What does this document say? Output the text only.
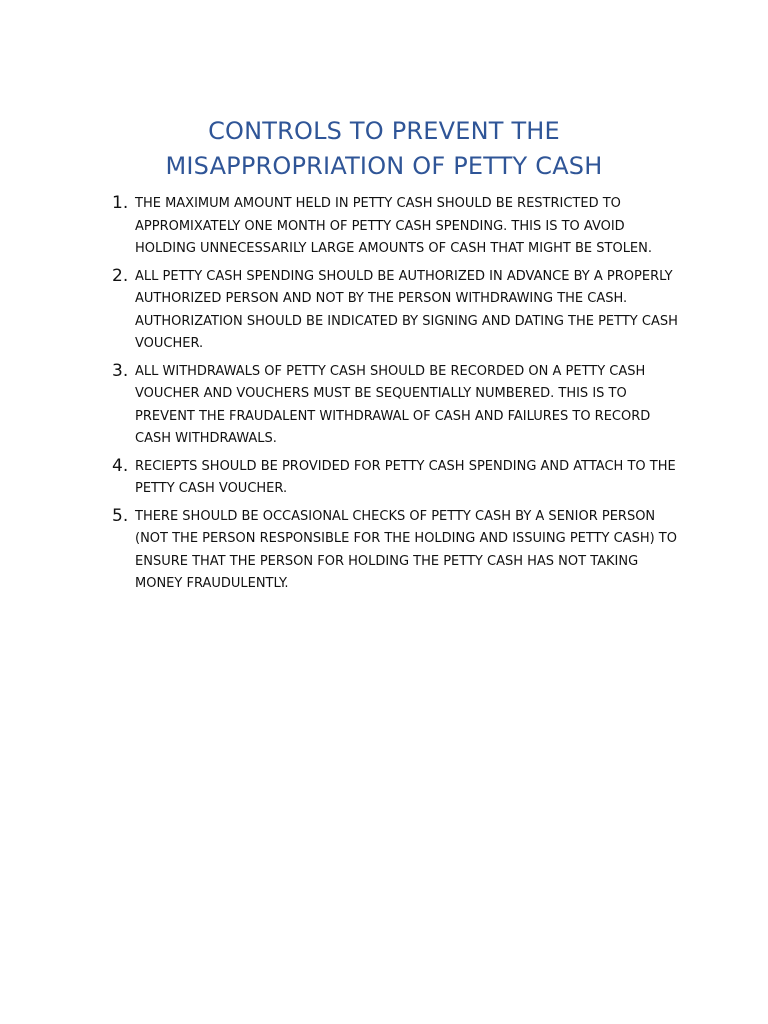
CONTROLS TO PREVENT THE
MISAPPROPRIATION OF PETTY CASH
1. THE MAXIMUM AMOUNT HELD IN PETTY CASH SHOULD BE RESTRICTED TO APPROMIXATELY ONE MONTH OF PETTY CASH SPENDING. THIS IS TO AVOID HOLDING UNNECESSARILY LARGE AMOUNTS OF CASH THAT MIGHT BE STOLEN.
2. ALL PETTY CASH SPENDING SHOULD BE AUTHORIZED IN ADVANCE BY A PROPERLY AUTHORIZED PERSON AND NOT BY THE PERSON WITHDRAWING THE CASH. AUTHORIZATION SHOULD BE INDICATED BY SIGNING AND DATING THE PETTY CASH VOUCHER.
3. ALL WITHDRAWALS OF PETTY CASH SHOULD BE RECORDED ON A PETTY CASH VOUCHER AND VOUCHERS MUST BE SEQUENTIALLY NUMBERED. THIS IS TO PREVENT THE FRAUDALENT WITHDRAWAL OF CASH AND FAILURES TO RECORD CASH WITHDRAWALS.
4. RECIEPTS SHOULD BE PROVIDED FOR PETTY CASH SPENDING AND ATTACH TO THE PETTY CASH VOUCHER.
5. THERE SHOULD BE OCCASIONAL CHECKS OF PETTY CASH BY A SENIOR PERSON (NOT THE PERSON RESPONSIBLE FOR THE HOLDING AND ISSUING PETTY CASH) TO ENSURE THAT THE PERSON FOR HOLDING THE PETTY CASH HAS NOT TAKING MONEY FRAUDULENTLY.
